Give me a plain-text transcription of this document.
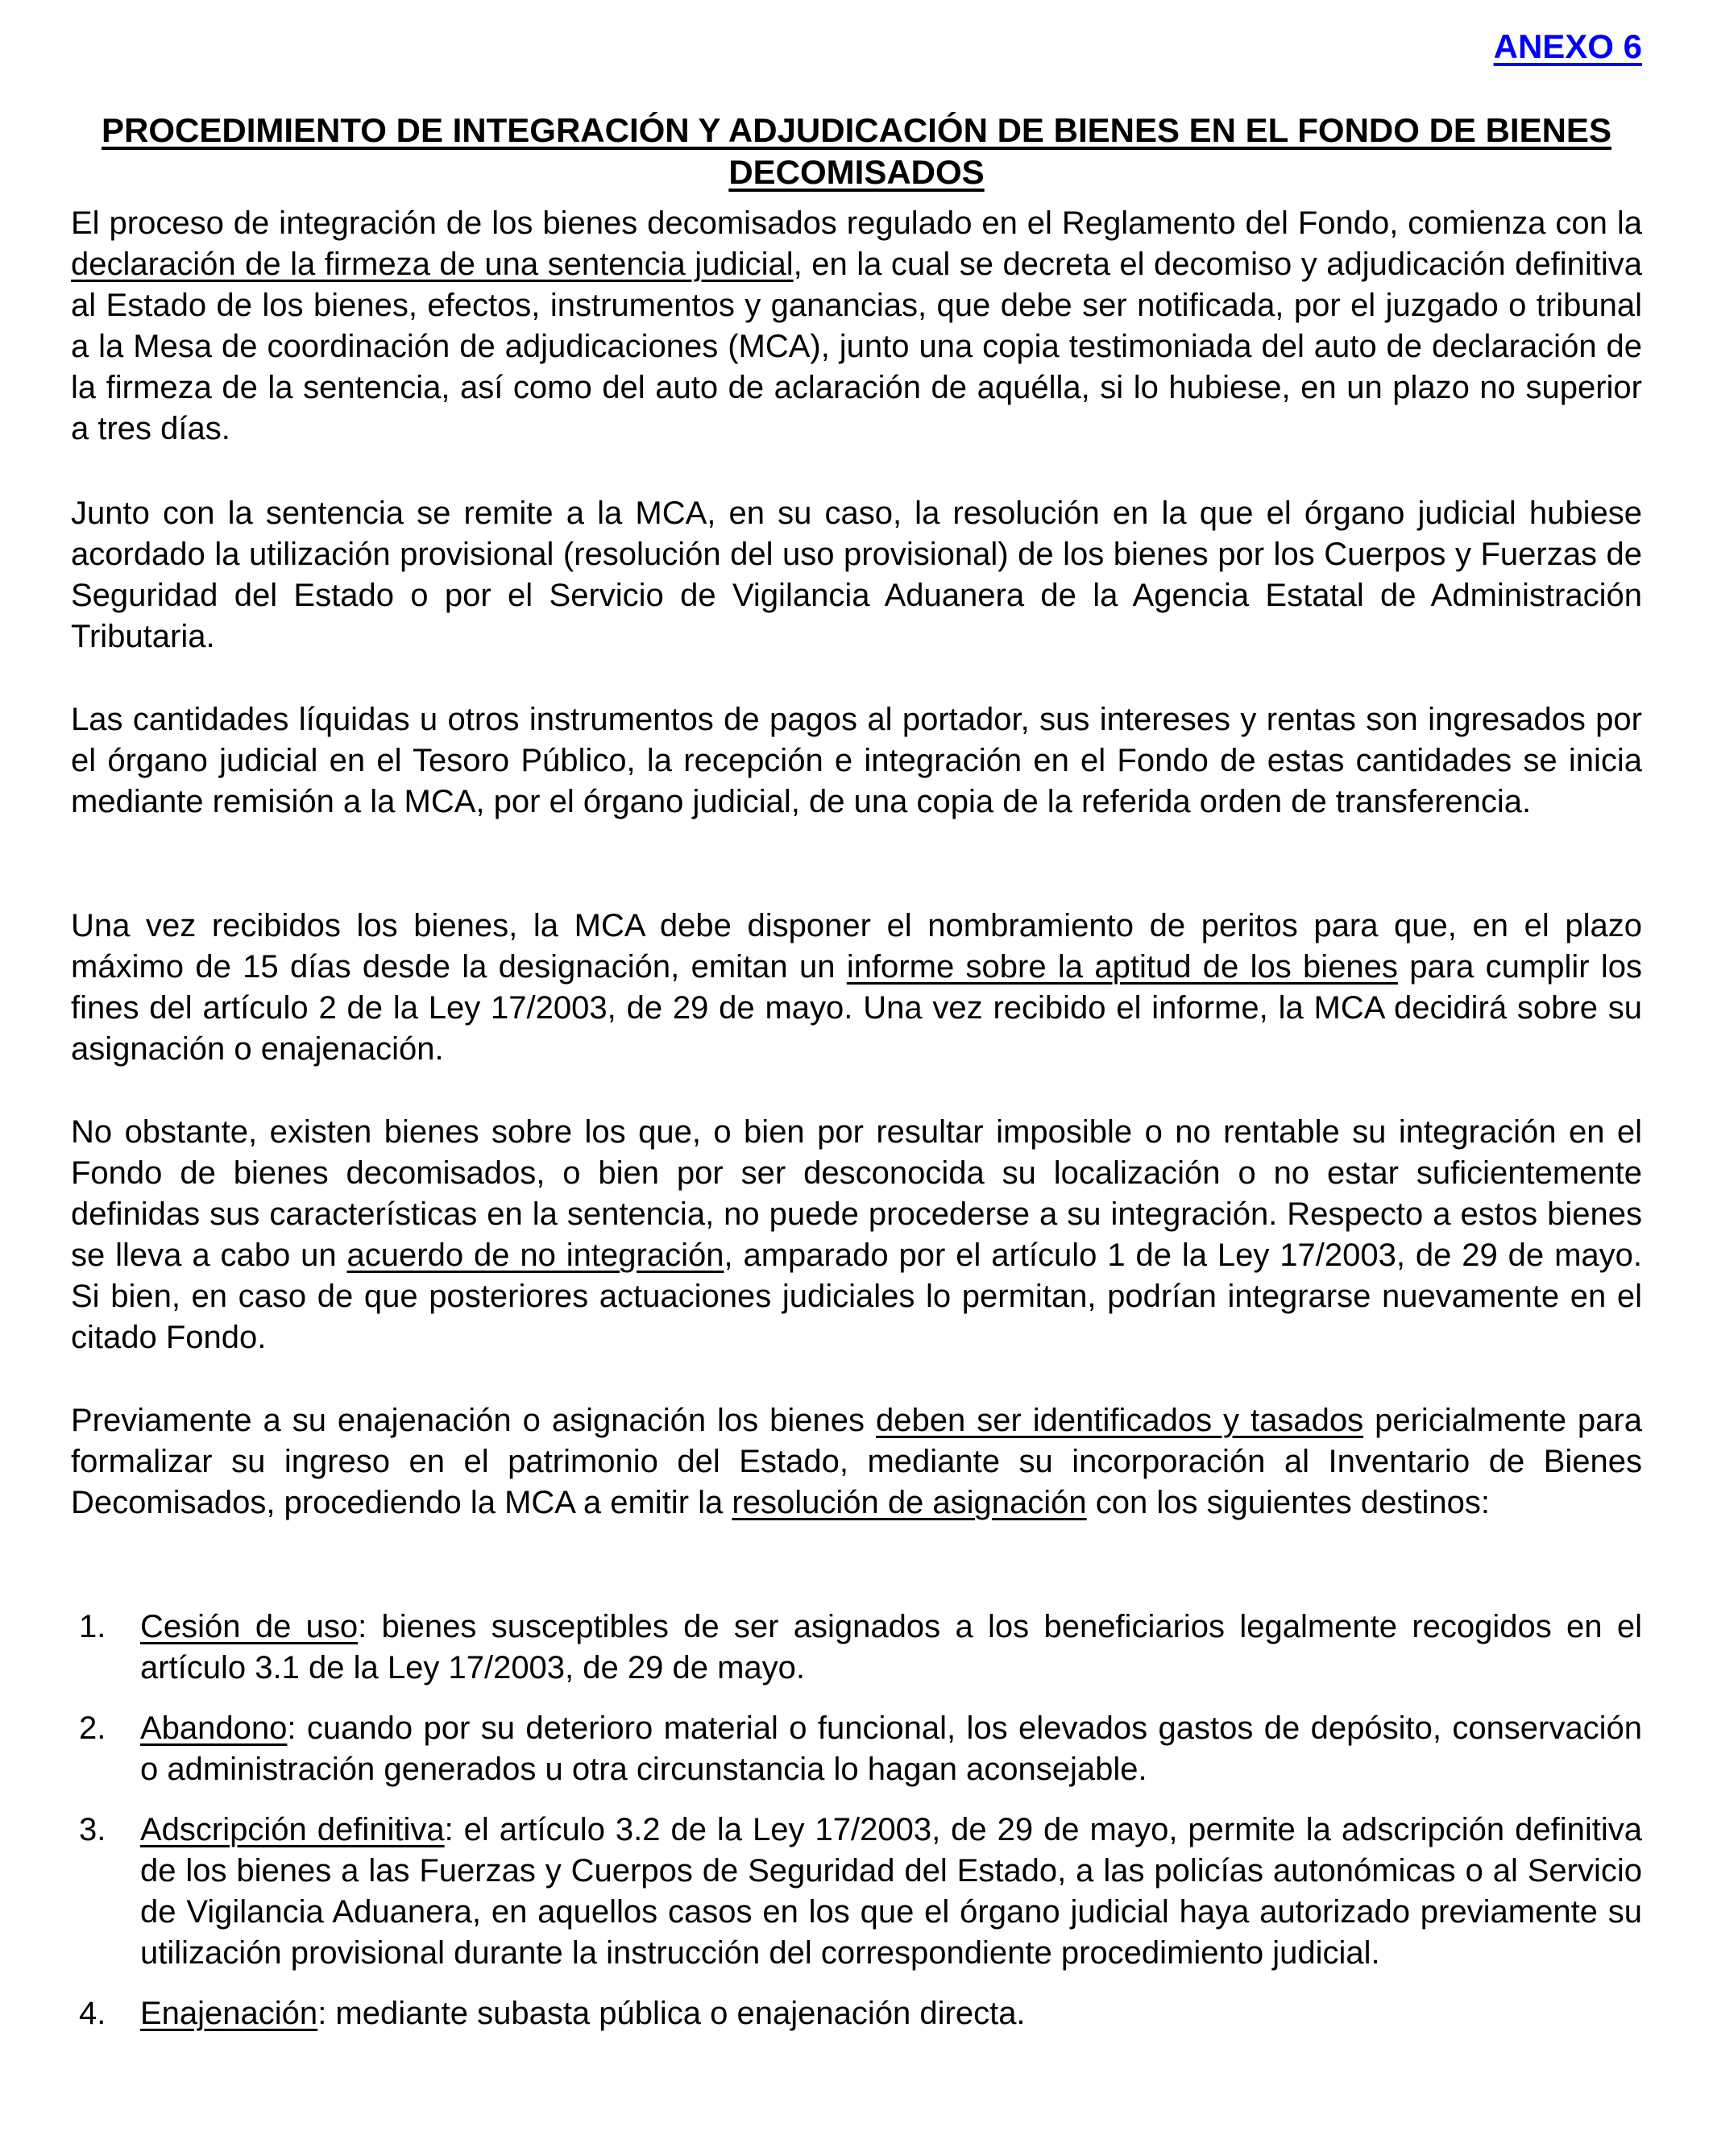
ANEXO 6
PROCEDIMIENTO DE INTEGRACIÓN Y ADJUDICACIÓN DE BIENES EN EL FONDO DE BIENES DECOMISADOS

El proceso de integración de los bienes decomisados regulado en el Reglamento del Fondo, comienza con la declaración de la firmeza de una sentencia judicial, en la cual se decreta el decomiso y adjudicación definitiva al Estado de los bienes, efectos, instrumentos y ganancias, que debe ser notificada, por el juzgado o tribunal a la Mesa de coordinación de adjudicaciones (MCA), junto una copia testimoniada del auto de declaración de la firmeza de la sentencia, así como del auto de aclaración de aquélla, si lo hubiese, en un plazo no superior a tres días.

Junto con la sentencia se remite a la MCA, en su caso, la resolución en la que el órgano judicial hubiese acordado la utilización provisional (resolución del uso provisional) de los bienes por los Cuerpos y Fuerzas de Seguridad del Estado o por el Servicio de Vigilancia Aduanera de la Agencia Estatal de Administración Tributaria.

Las cantidades líquidas u otros instrumentos de pagos al portador, sus intereses y rentas son ingresados por el órgano judicial en el Tesoro Público, la recepción e integración en el Fondo de estas cantidades se inicia mediante remisión a la MCA, por el órgano judicial, de una copia de la referida orden de transferencia.

Una vez recibidos los bienes, la MCA debe disponer el nombramiento de peritos para que, en el plazo máximo de 15 días desde la designación, emitan un informe sobre la aptitud de los bienes para cumplir los fines del artículo 2 de la Ley 17/2003, de 29 de mayo. Una vez recibido el informe, la MCA decidirá sobre su asignación o enajenación.

No obstante, existen bienes sobre los que, o bien por resultar imposible o no rentable su integración en el Fondo de bienes decomisados, o bien por ser desconocida su localización o no estar suficientemente definidas sus características en la sentencia, no puede procederse a su integración. Respecto a estos bienes se lleva a cabo un acuerdo de no integración, amparado por el artículo 1 de la Ley 17/2003, de 29 de mayo. Si bien, en caso de que posteriores actuaciones judiciales lo permitan, podrían integrarse nuevamente en el citado Fondo.

Previamente a su enajenación o asignación los bienes deben ser identificados y tasados pericialmente para formalizar su ingreso en el patrimonio del Estado, mediante su incorporación al Inventario de Bienes Decomisados, procediendo la MCA a emitir la resolución de asignación con los siguientes destinos:

1. Cesión de uso: bienes susceptibles de ser asignados a los beneficiarios legalmente recogidos en el artículo 3.1 de la Ley 17/2003, de 29 de mayo.
2. Abandono: cuando por su deterioro material o funcional, los elevados gastos de depósito, conservación o administración generados u otra circunstancia lo hagan aconsejable.
3. Adscripción definitiva: el artículo 3.2 de la Ley 17/2003, de 29 de mayo, permite la adscripción definitiva de los bienes a las Fuerzas y Cuerpos de Seguridad del Estado, a las policías autonómicas o al Servicio de Vigilancia Aduanera, en aquellos casos en los que el órgano judicial haya autorizado previamente su utilización provisional durante la instrucción del correspondiente procedimiento judicial.
4. Enajenación: mediante subasta pública o enajenación directa.
